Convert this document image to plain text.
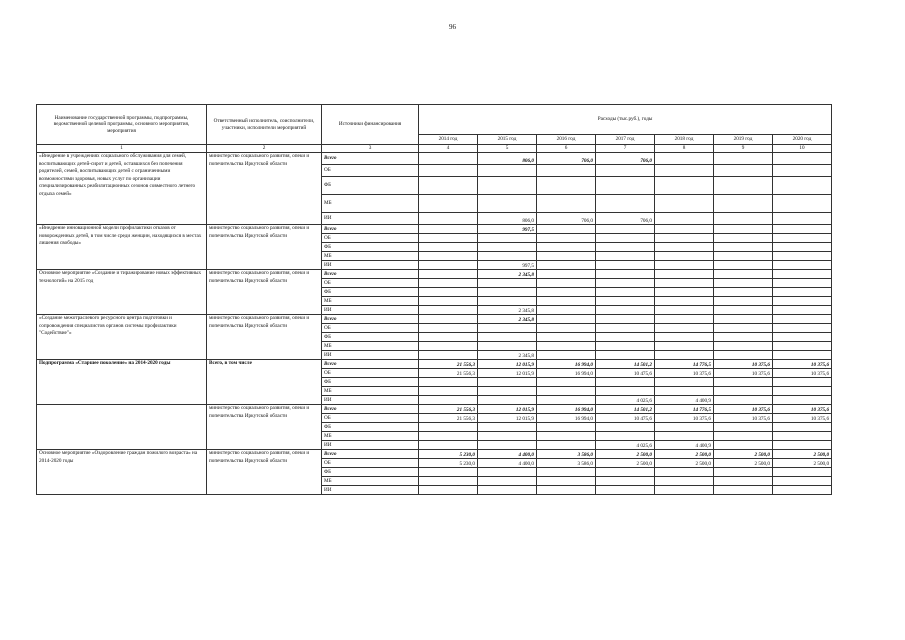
96
Наименование государственной программы, подпрограммы, ведомственной целевой программы, основного мероприятия, мероприятия	Ответственный исполнитель, соисполнители, участники, исполнители мероприятий	Источники финансирования	Расходы (тыс.руб.), годы						
			2014 год	2015 год	2016 год	2017 год	2018 год	2019 год	2020 год
1	2	3	4	5	6	7	8	9	10
«Внедрение в учреждениях социального обслуживания для семей, воспитывающих детей-сирот и детей, оставшихся без попечения родителей, семей, воспитывающих детей с ограниченными возможностями здоровья, новых услуг по организации специализированных реабилитационных сезонов совместного летнего отдыха семей»	министерство социального развития, опеки и попечительства Иркутской области	Всего		806,0	706,0	706,0			
		ОБ							
		ФБ							
		МБ							
		ИИ		806,0	706,0	706,0			
«Внедрение инновационной модели профилактики отказов от новорожденных детей, в том числе среди женщин, находящихся в местах лишения свободы»	министерство социального развития, опеки и попечительства Иркутской области	Всего		997,5					
		ОБ							
		ФБ							
		МБ							
		ИИ		997,5					
Основное мероприятие «Создание и тиражирование новых эффективных технологий» на 2015 год	министерство социального развития, опеки и попечительства Иркутской области	Всего		2 345,8					
		ОБ							
		ФБ							
		МБ							
		ИИ		2 345,8					
«Создание межотраслевого ресурсного центра подготовки и сопровождения специалистов органов системы профилактики "Содействие"»	министерство социального развития, опеки и попечительства Иркутской области	Всего		2 345,8					
		ОБ							
		ФБ							
		МБ							
		ИИ		2 345,8					
Подпрограмма «Старшее поколение» на 2014-2020 годы	Всего, в том числе	Всего	21 556,3	12 015,9	16 994,0	14 501,2	14 776,5	10 375,6	10 375,6
		ОБ	21 556,3	12 015,9	16 994,0	10 475,6	10 375,6	10 375,6	10 375,6
		ФБ							
		МБ							
		ИИ				4 025,6	4 400,9		
	министерство социального развития, опеки и попечительства Иркутской области	Всего	21 556,3	12 015,9	16 994,0	14 501,2	14 776,5	10 375,6	10 375,6
		ОБ	21 556,3	12 015,9	16 994,0	10 475,6	10 375,6	10 375,6	10 375,6
		ФБ							
		МБ							
		ИИ				4 025,6	4 400,9		
Основное мероприятие «Оздоровление граждан пожилого возраста» на 2014-2020 годы	министерство социального развития, опеки и попечительства Иркутской области	Всего	5 230,0	4 400,0	3 586,0	2 500,0	2 500,0	2 500,0	2 500,0
		ОБ	5 230,0	4 400,0	3 586,0	2 500,0	2 500,0	2 500,0	2 500,0
		ФБ							
		МБ							
		ИИ							
